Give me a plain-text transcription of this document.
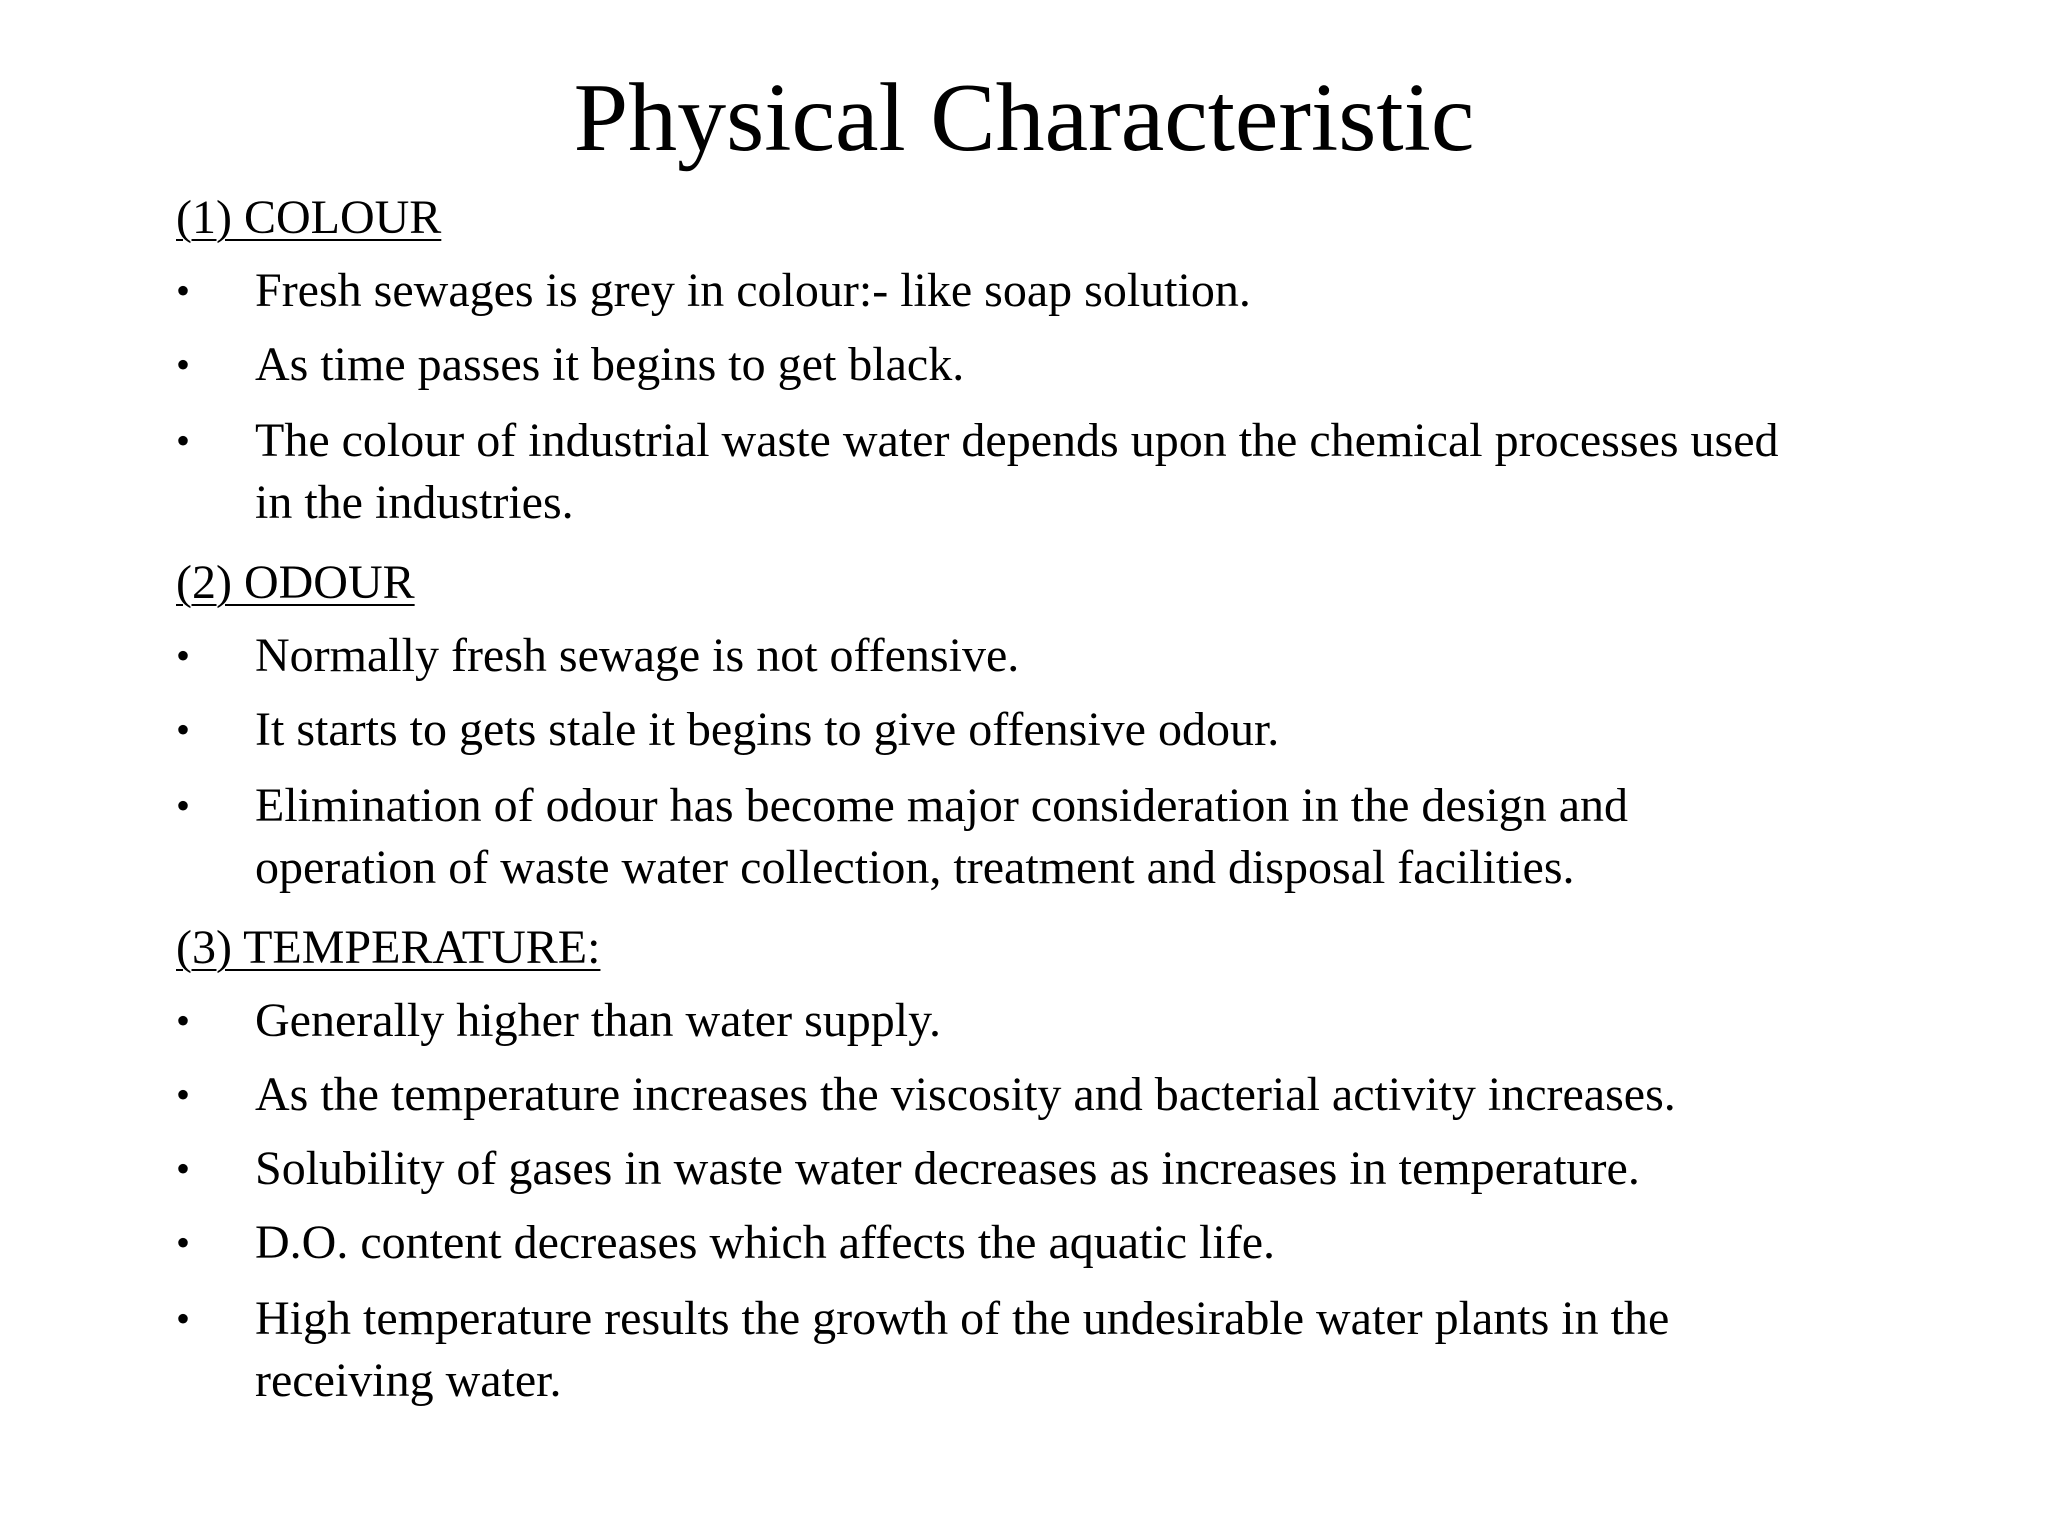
Physical Characteristic
(1) COLOUR
•	Fresh sewages is grey in colour:- like soap solution.
•	As time passes it begins to get black.
•	The colour of industrial waste water depends upon the chemical processes used in the industries.
(2) ODOUR
•	Normally fresh sewage is not offensive.
•	It starts to gets stale it begins to give offensive odour.
•	Elimination of odour has become major consideration in the design and operation of waste water collection, treatment and disposal facilities.
(3) TEMPERATURE:
•	Generally higher than water supply.
•	As the temperature increases the viscosity and bacterial activity increases.
•	Solubility of gases in waste water decreases as increases in temperature.
•	D.O. content decreases which affects the aquatic life.
•	High temperature results the growth of the undesirable water plants in the receiving water.
